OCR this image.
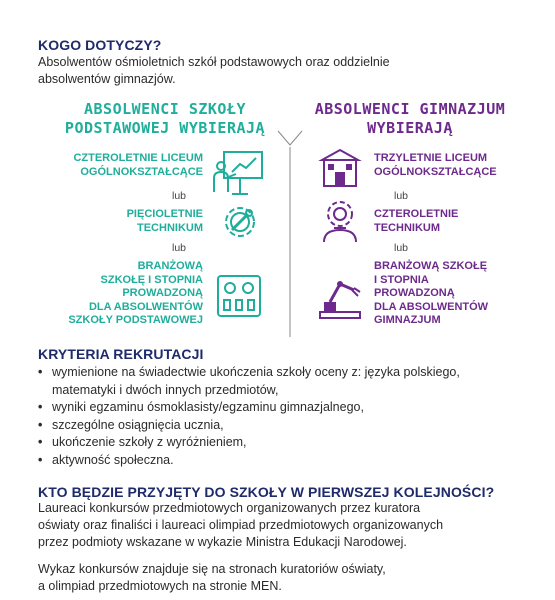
KOGO DOTYCZY?
Absolwentów ośmioletnich szkół podstawowych oraz oddzielnie
absolwentów gimnazjów.
ABSOLWENCI SZKOŁY
PODSTAWOWEJ WYBIERAJĄ
ABSOLWENCI GIMNAZJUM
WYBIERAJĄ
CZTEROLETNIE LICEUM
OGÓLNOKSZTAŁCĄCE
lub
PIĘCIOLETNIE
TECHNIKUM
lub
BRANŻOWĄ
SZKOŁĘ I STOPNIA
PROWADZONĄ
DLA ABSOLWENTÓW
SZKOŁY PODSTAWOWEJ
TRZYLETNIE LICEUM
OGÓLNOKSZTAŁCĄCE
lub
CZTEROLETNIE
TECHNIKUM
lub
BRANŻOWĄ SZKOŁĘ
I STOPNIA
PROWADZONĄ
DLA ABSOLWENTÓW
GIMNAZJUM
KRYTERIA REKRUTACJI
• wymienione na świadectwie ukończenia szkoły oceny z: języka polskiego,
matematyki i dwóch innych przedmiotów,
• wyniki egzaminu ósmoklasisty/egzaminu gimnazjalnego,
• szczególne osiągnięcia ucznia,
• ukończenie szkoły z wyróżnieniem,
• aktywność społeczna.
KTO BĘDZIE PRZYJĘTY DO SZKOŁY W PIERWSZEJ KOLEJNOŚCI?
Laureaci konkursów przedmiotowych organizowanych przez kuratora
oświaty oraz finaliści i laureaci olimpiad przedmiotowych organizowanych
przez podmioty wskazane w wykazie Ministra Edukacji Narodowej.
Wykaz konkursów znajduje się na stronach kuratoriów oświaty,
a olimpiad przedmiotowych na stronie MEN.
